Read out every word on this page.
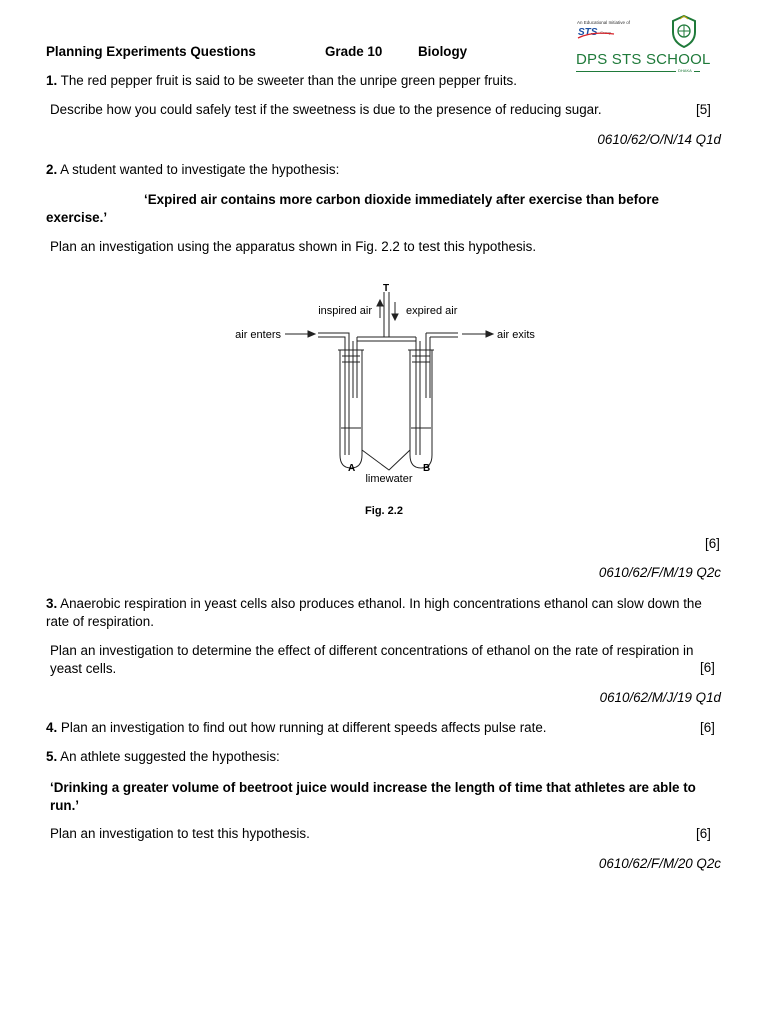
Planning Experiments Questions	Grade 10	Biology
An Educational Initiative of
STS Group
DPS STS SCHOOL
DHAKA
1. The red pepper fruit is said to be sweeter than the unripe green pepper fruits.
Describe how you could safely test if the sweetness is due to the presence of reducing sugar.	[5]
0610/62/O/N/14 Q1d
2. A student wanted to investigate the hypothesis:
‘Expired air contains more carbon dioxide immediately after exercise than before
exercise.’
Plan an investigation using the apparatus shown in Fig. 2.2 to test this hypothesis.
T
inspired air	expired air
air enters	air exits
A	B
limewater
Fig. 2.2
[6]
0610/62/F/M/19 Q2c
3. Anaerobic respiration in yeast cells also produces ethanol. In high concentrations ethanol can slow down the rate of respiration.
Plan an investigation to determine the effect of different concentrations of ethanol on the rate of respiration in yeast cells.	[6]
0610/62/M/J/19 Q1d
4. Plan an investigation to find out how running at different speeds affects pulse rate.	[6]
5. An athlete suggested the hypothesis:
‘Drinking a greater volume of beetroot juice would increase the length of time that athletes are able to run.’
Plan an investigation to test this hypothesis.	[6]
0610/62/F/M/20 Q2c
